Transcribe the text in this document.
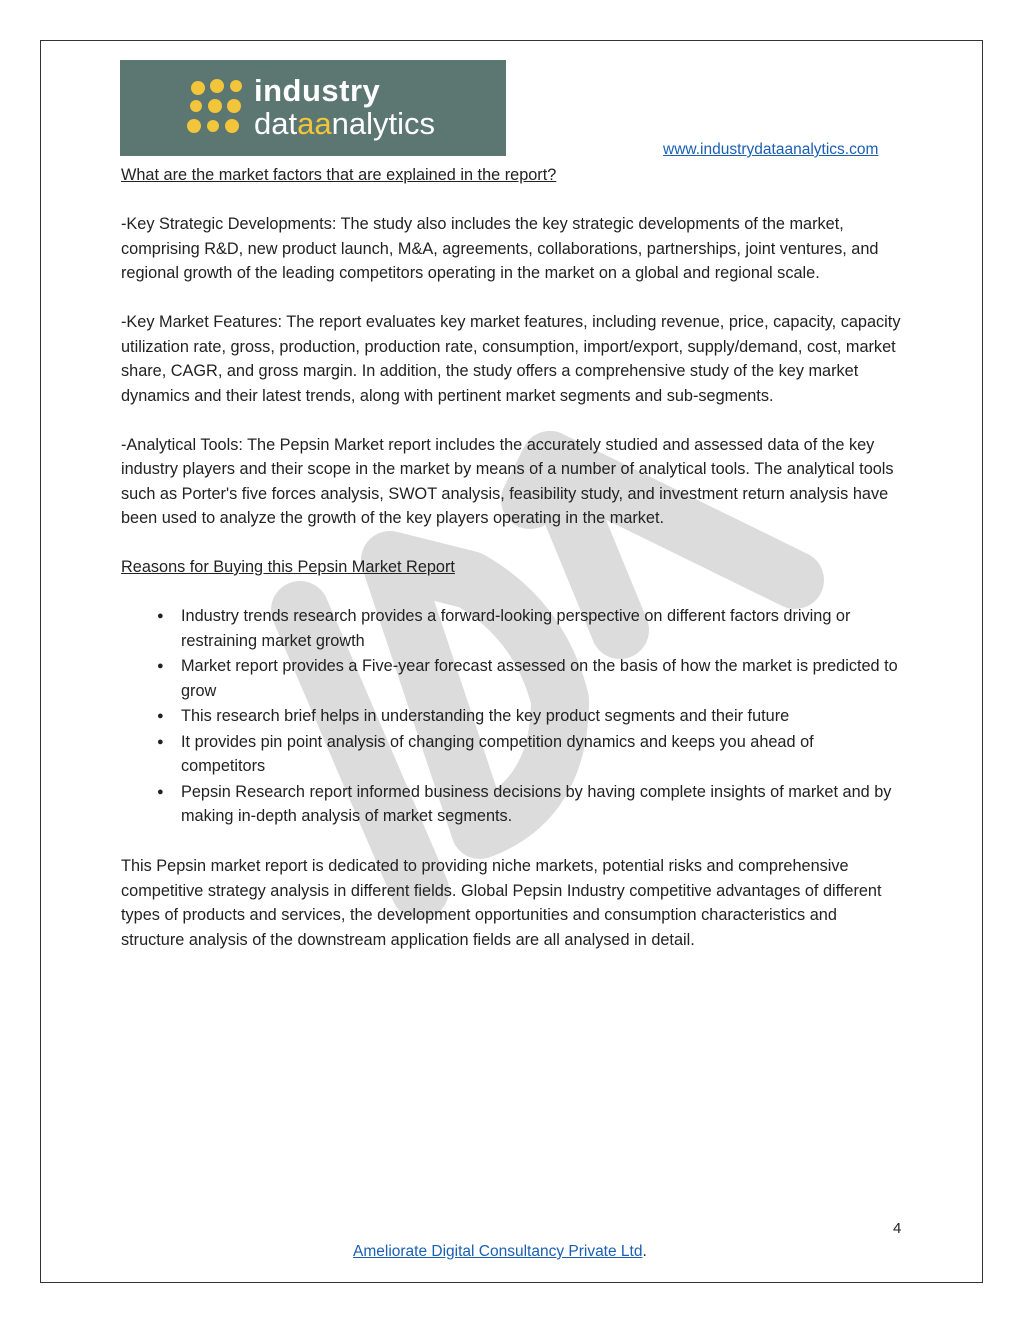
industry
dataanalytics
www.industrydataanalytics.com
What are the market factors that are explained in the report?

-Key Strategic Developments: The study also includes the key strategic developments of the market, comprising R&D, new product launch, M&A, agreements, collaborations, partnerships, joint ventures, and regional growth of the leading competitors operating in the market on a global and regional scale.

-Key Market Features: The report evaluates key market features, including revenue, price, capacity, capacity utilization rate, gross, production, production rate, consumption, import/export, supply/demand, cost, market share, CAGR, and gross margin. In addition, the study offers a comprehensive study of the key market dynamics and their latest trends, along with pertinent market segments and sub-segments.

-Analytical Tools: The Pepsin Market report includes the accurately studied and assessed data of the key industry players and their scope in the market by means of a number of analytical tools. The analytical tools such as Porter's five forces analysis, SWOT analysis, feasibility study, and investment return analysis have been used to analyze the growth of the key players operating in the market.

Reasons for Buying this Pepsin Market Report
● Industry trends research provides a forward-looking perspective on different factors driving or restraining market growth
● Market report provides a Five-year forecast assessed on the basis of how the market is predicted to grow
● This research brief helps in understanding the key product segments and their future
● It provides pin point analysis of changing competition dynamics and keeps you ahead of competitors
● Pepsin Research report informed business decisions by having complete insights of market and by making in-depth analysis of market segments.

This Pepsin market report is dedicated to providing niche markets, potential risks and comprehensive competitive strategy analysis in different fields. Global Pepsin Industry competitive advantages of different types of products and services, the development opportunities and consumption characteristics and structure analysis of the downstream application fields are all analysed in detail.

4
Ameliorate Digital Consultancy Private Ltd.
